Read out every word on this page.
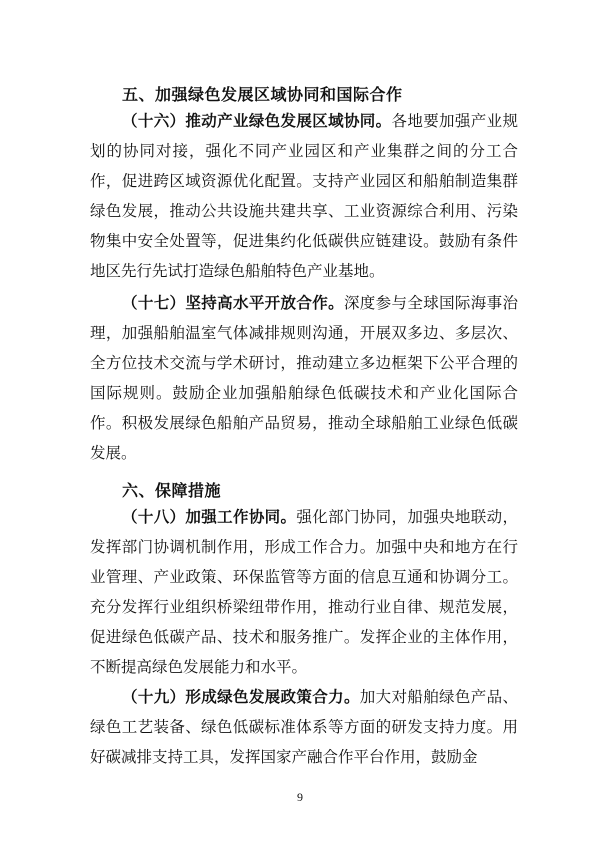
五、加强绿色发展区域协同和国际合作

（十六）推动产业绿色发展区域协同。各地要加强产业规划的协同对接，强化不同产业园区和产业集群之间的分工合作，促进跨区域资源优化配置。支持产业园区和船舶制造集群绿色发展，推动公共设施共建共享、工业资源综合利用、污染物集中安全处置等，促进集约化低碳供应链建设。鼓励有条件地区先行先试打造绿色船舶特色产业基地。

（十七）坚持高水平开放合作。深度参与全球国际海事治理，加强船舶温室气体减排规则沟通，开展双多边、多层次、全方位技术交流与学术研讨，推动建立多边框架下公平合理的国际规则。鼓励企业加强船舶绿色低碳技术和产业化国际合作。积极发展绿色船舶产品贸易，推动全球船舶工业绿色低碳发展。

六、保障措施

（十八）加强工作协同。强化部门协同，加强央地联动，发挥部门协调机制作用，形成工作合力。加强中央和地方在行业管理、产业政策、环保监管等方面的信息互通和协调分工。充分发挥行业组织桥梁纽带作用，推动行业自律、规范发展，促进绿色低碳产品、技术和服务推广。发挥企业的主体作用，不断提高绿色发展能力和水平。

（十九）形成绿色发展政策合力。加大对船舶绿色产品、绿色工艺装备、绿色低碳标准体系等方面的研发支持力度。用好碳减排支持工具，发挥国家产融合作平台作用，鼓励金

9
